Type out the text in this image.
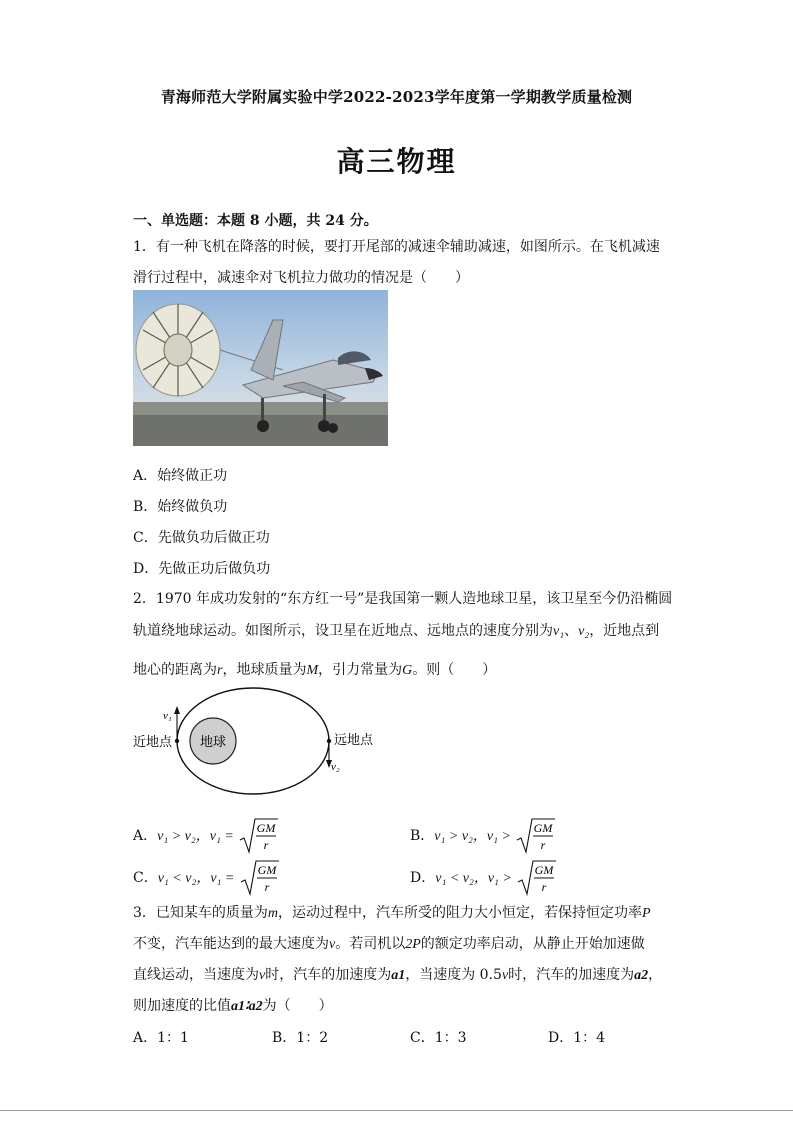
青海师范大学附属实验中学2022-2023学年度第一学期教学质量检测
高三物理
一、单选题：本题 8 小题，共 24 分。
1．有一种飞机在降落的时候，要打开尾部的减速伞辅助减速，如图所示。在飞机减速
滑行过程中，减速伞对飞机拉力做功的情况是（　　）
A．始终做正功
B．始终做负功
C．先做负功后做正功
D．先做正功后做负功
2．1970 年成功发射的“东方红一号”是我国第一颗人造地球卫星，该卫星至今仍沿椭圆
轨道绕地球运动。如图所示，设卫星在近地点、远地点的速度分别为v₁、v₂，近地点到
地心的距离为r，地球质量为M，引力常量为G。则（　　）
地球
近地点	远地点
v₁
v₂
A．v₁ > v₂，v₁ =
GM
r
B．v₁ > v₂，v₁ >
GM
r
C．v₁ < v₂，v₁ =
GM
r
D．v₁ < v₂，v₁ >
GM
r
3．已知某车的质量为m，运动过程中，汽车所受的阻力大小恒定，若保持恒定功率P
不变，汽车能达到的最大速度为v。若司机以2P的额定功率启动，从静止开始加速做
直线运动，当速度为v时，汽车的加速度为a1，当速度为 0.5v时，汽车的加速度为a2，
则加速度的比值a1∶a2为（　　）
A．1：1	B．1：2	C．1：3	D．1：4
